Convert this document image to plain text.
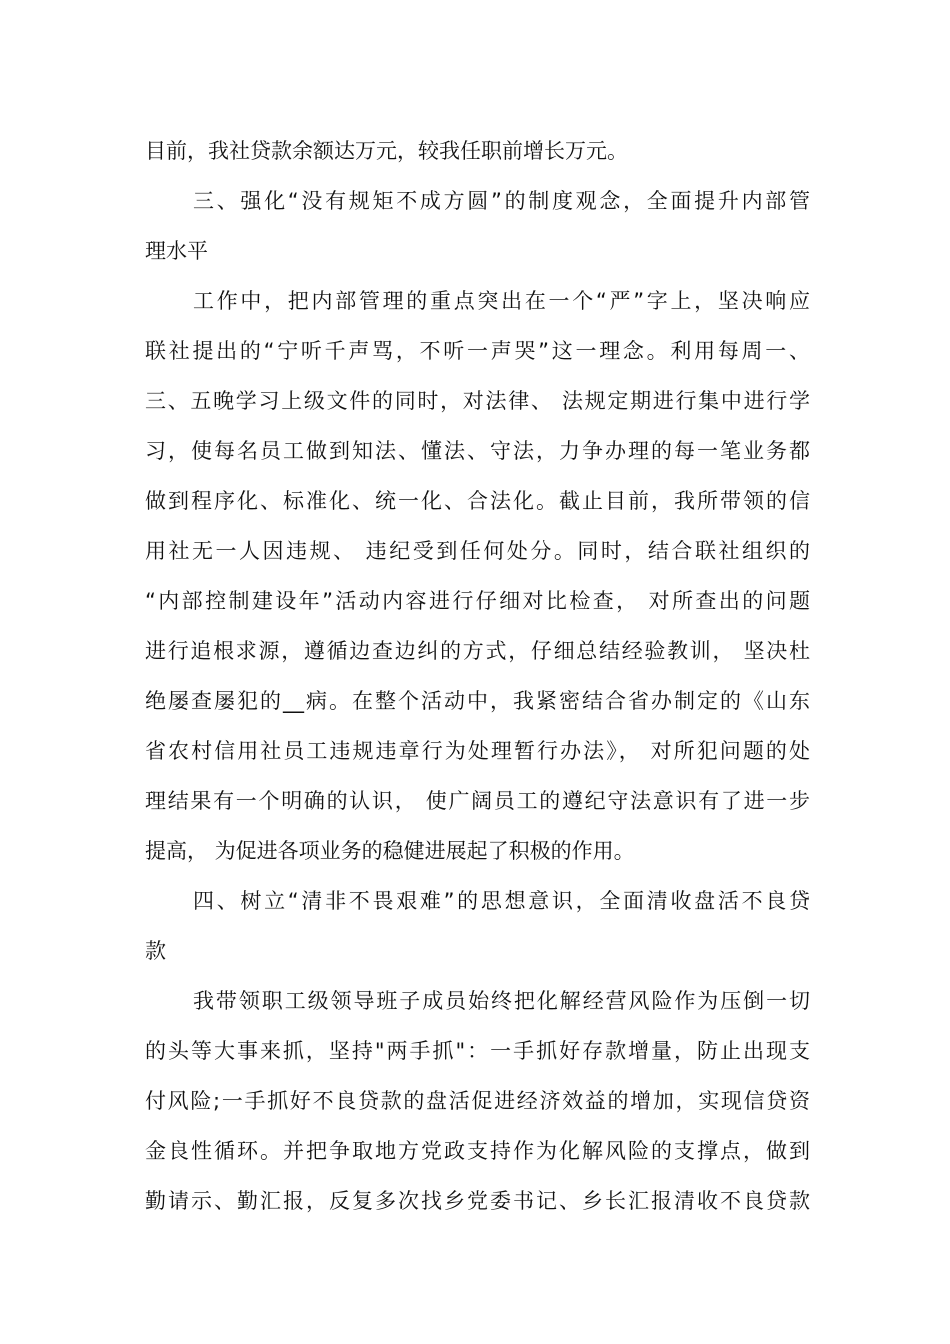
目前，我社贷款余额达万元，较我任职前增长万元。
三、强化“没有规矩不成方圆”的制度观念，全面提升内部管
理水平
工作中，把内部管理的重点突出在一个“严”字上，坚决响应
联社提出的“宁听千声骂，不听一声哭”这一理念。利用每周一、
三、五晚学习上级文件的同时，对法律、 法规定期进行集中进行学
习，使每名员工做到知法、懂法、守法，力争办理的每一笔业务都
做到程序化、标准化、统一化、合法化。截止目前，我所带领的信
用社无一人因违规、 违纪受到任何处分。同时，结合联社组织的
“内部控制建设年”活动内容进行仔细对比检查， 对所查出的问题
进行追根求源，遵循边查边纠的方式，仔细总结经验教训， 坚决杜
绝屡查屡犯的__病。在整个活动中，我紧密结合省办制定的《山东
省农村信用社员工违规违章行为处理暂行办法》， 对所犯问题的处
理结果有一个明确的认识， 使广阔员工的遵纪守法意识有了进一步
提高， 为促进各项业务的稳健进展起了积极的作用。
四、树立“清非不畏艰难”的思想意识，全面清收盘活不良贷
款
我带领职工级领导班子成员始终把化解经营风险作为压倒一切
的头等大事来抓，坚持"两手抓"：一手抓好存款增量，防止出现支
付风险;一手抓好不良贷款的盘活促进经济效益的增加，实现信贷资
金良性循环。并把争取地方党政支持作为化解风险的支撑点，做到
勤请示、勤汇报，反复多次找乡党委书记、乡长汇报清收不良贷款
